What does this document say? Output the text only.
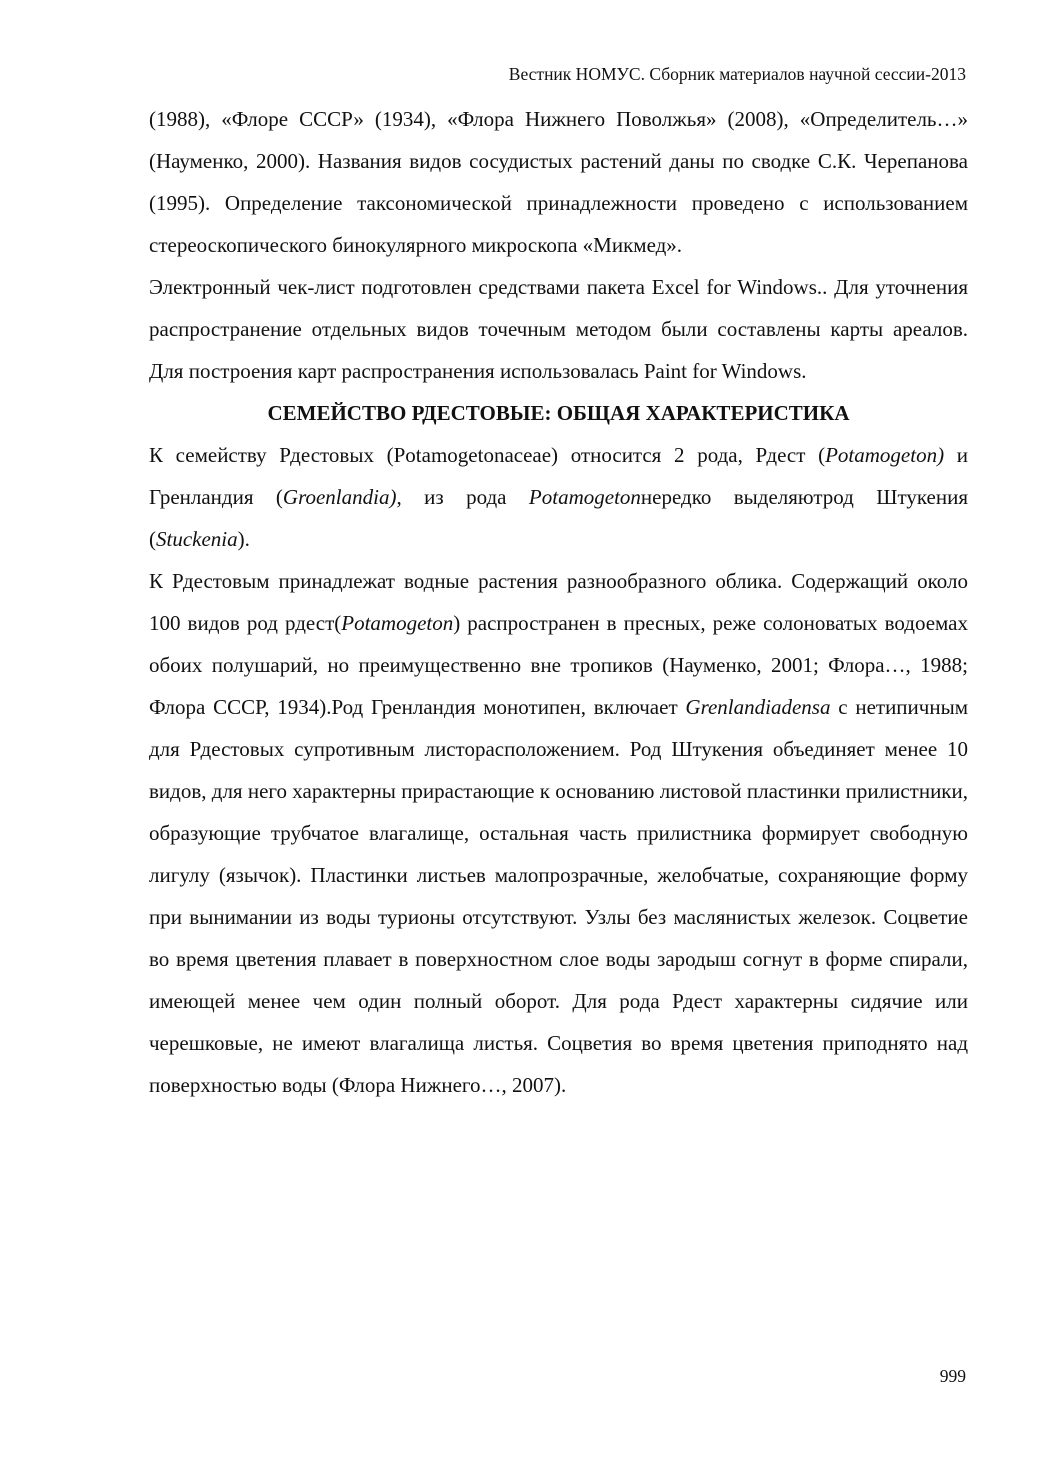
Вестник НОМУС. Сборник материалов научной сессии-2013

(1988), «Флоре СССР» (1934), «Флора Нижнего Поволжья» (2008), «Определитель…» (Науменко, 2000). Названия видов сосудистых растений даны по сводке С.К. Черепанова (1995). Определение таксономической принадлежности проведено с использованием стереоскопического бинокулярного микроскопа «Микмед».

Электронный чек-лист подготовлен средствами пакета Excel for Windows.. Для уточнения распространение отдельных видов точечным методом были составлены карты ареалов. Для построения карт распространения использовалась Paint for Windows.

СЕМЕЙСТВО РДЕСТОВЫЕ: ОБЩАЯ ХАРАКТЕРИСТИКА

К семейству Рдестовых (Potamogetonaceae) относится 2 рода, Рдест (Potamogeton) и Гренландия (Groenlandia), из рода Potamogetonнередко выделяютрод Штукения (Stuckenia).

К Рдестовым принадлежат водные растения разнообразного облика. Содержащий около 100 видов род рдест(Potamogeton) распространен в пресных, реже солоноватых водоемах обоих полушарий, но преимущественно вне тропиков (Науменко, 2001; Флора…, 1988; Флора СССР, 1934).Род Гренландия монотипен, включает Grenlandiadensa с нетипичным для Рдестовых супротивным листорасположением. Род Штукения объединяет менее 10 видов, для него характерны прирастающие к основанию листовой пластинки прилистники, образующие трубчатое влагалище, остальная часть прилистника формирует свободную лигулу (язычок). Пластинки листьев малопрозрачные, желобчатые, сохраняющие форму при вынимании из воды турионы отсутствуют. Узлы без маслянистых железок. Соцветие во время цветения плавает в поверхностном слое воды зародыш согнут в форме спирали, имеющей менее чем один полный оборот. Для рода Рдест характерны сидячие или черешковые, не имеют влагалища листья. Соцветия во время цветения приподнято над поверхностью воды (Флора Нижнего…, 2007).

999
